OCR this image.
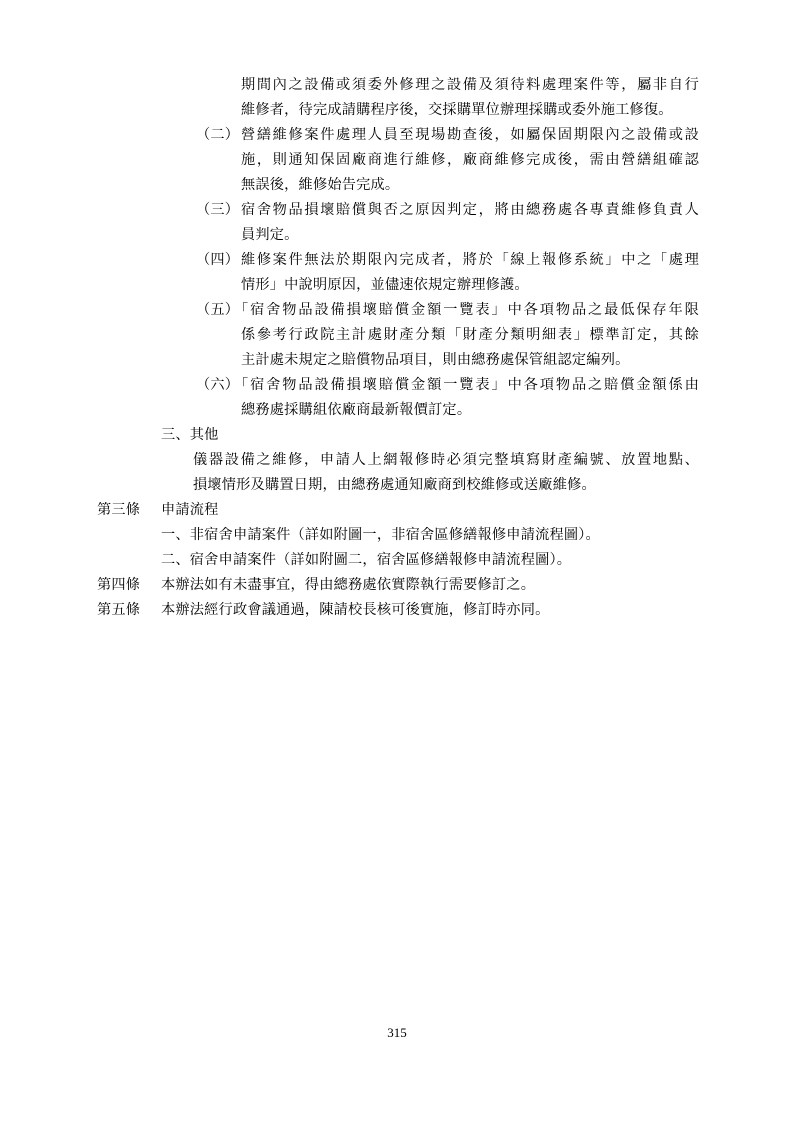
期間內之設備或須委外修理之設備及須待料處理案件等，屬非自行
維修者，待完成請購程序後，交採購單位辦理採購或委外施工修復。
（二） 營繕維修案件處理人員至現場勘查後，如屬保固期限內之設備或設
施，則通知保固廠商進行維修，廠商維修完成後，需由營繕組確認
無誤後，維修始告完成。
（三） 宿舍物品損壞賠償與否之原因判定，將由總務處各專責維修負責人
員判定。
（四） 維修案件無法於期限內完成者，將於「線上報修系統」中之「處理
情形」中說明原因，並儘速依規定辦理修護。
（五）
「宿舍物品設備損壞賠償金額一覽表」中各項物品之最低保存年限
係參考行政院主計處財產分類「財產分類明細表」標準訂定，其餘
主計處未規定之賠償物品項目，則由總務處保管組認定編列。
（六）
「宿舍物品設備損壞賠償金額一覽表」中各項物品之賠償金額係由
總務處採購組依廠商最新報價訂定。
三、其他
儀器設備之維修，申請人上網報修時必須完整填寫財產編號、放置地點、
損壞情形及購置日期，由總務處通知廠商到校維修或送廠維修。
第三條 申請流程
一、非宿舍申請案件（詳如附圖一，非宿舍區修繕報修申請流程圖）。
二、宿舍申請案件（詳如附圖二，宿舍區修繕報修申請流程圖）。
第四條 本辦法如有未盡事宜，得由總務處依實際執行需要修訂之。
第五條 本辦法經行政會議通過，陳請校長核可後實施，修訂時亦同。
315
